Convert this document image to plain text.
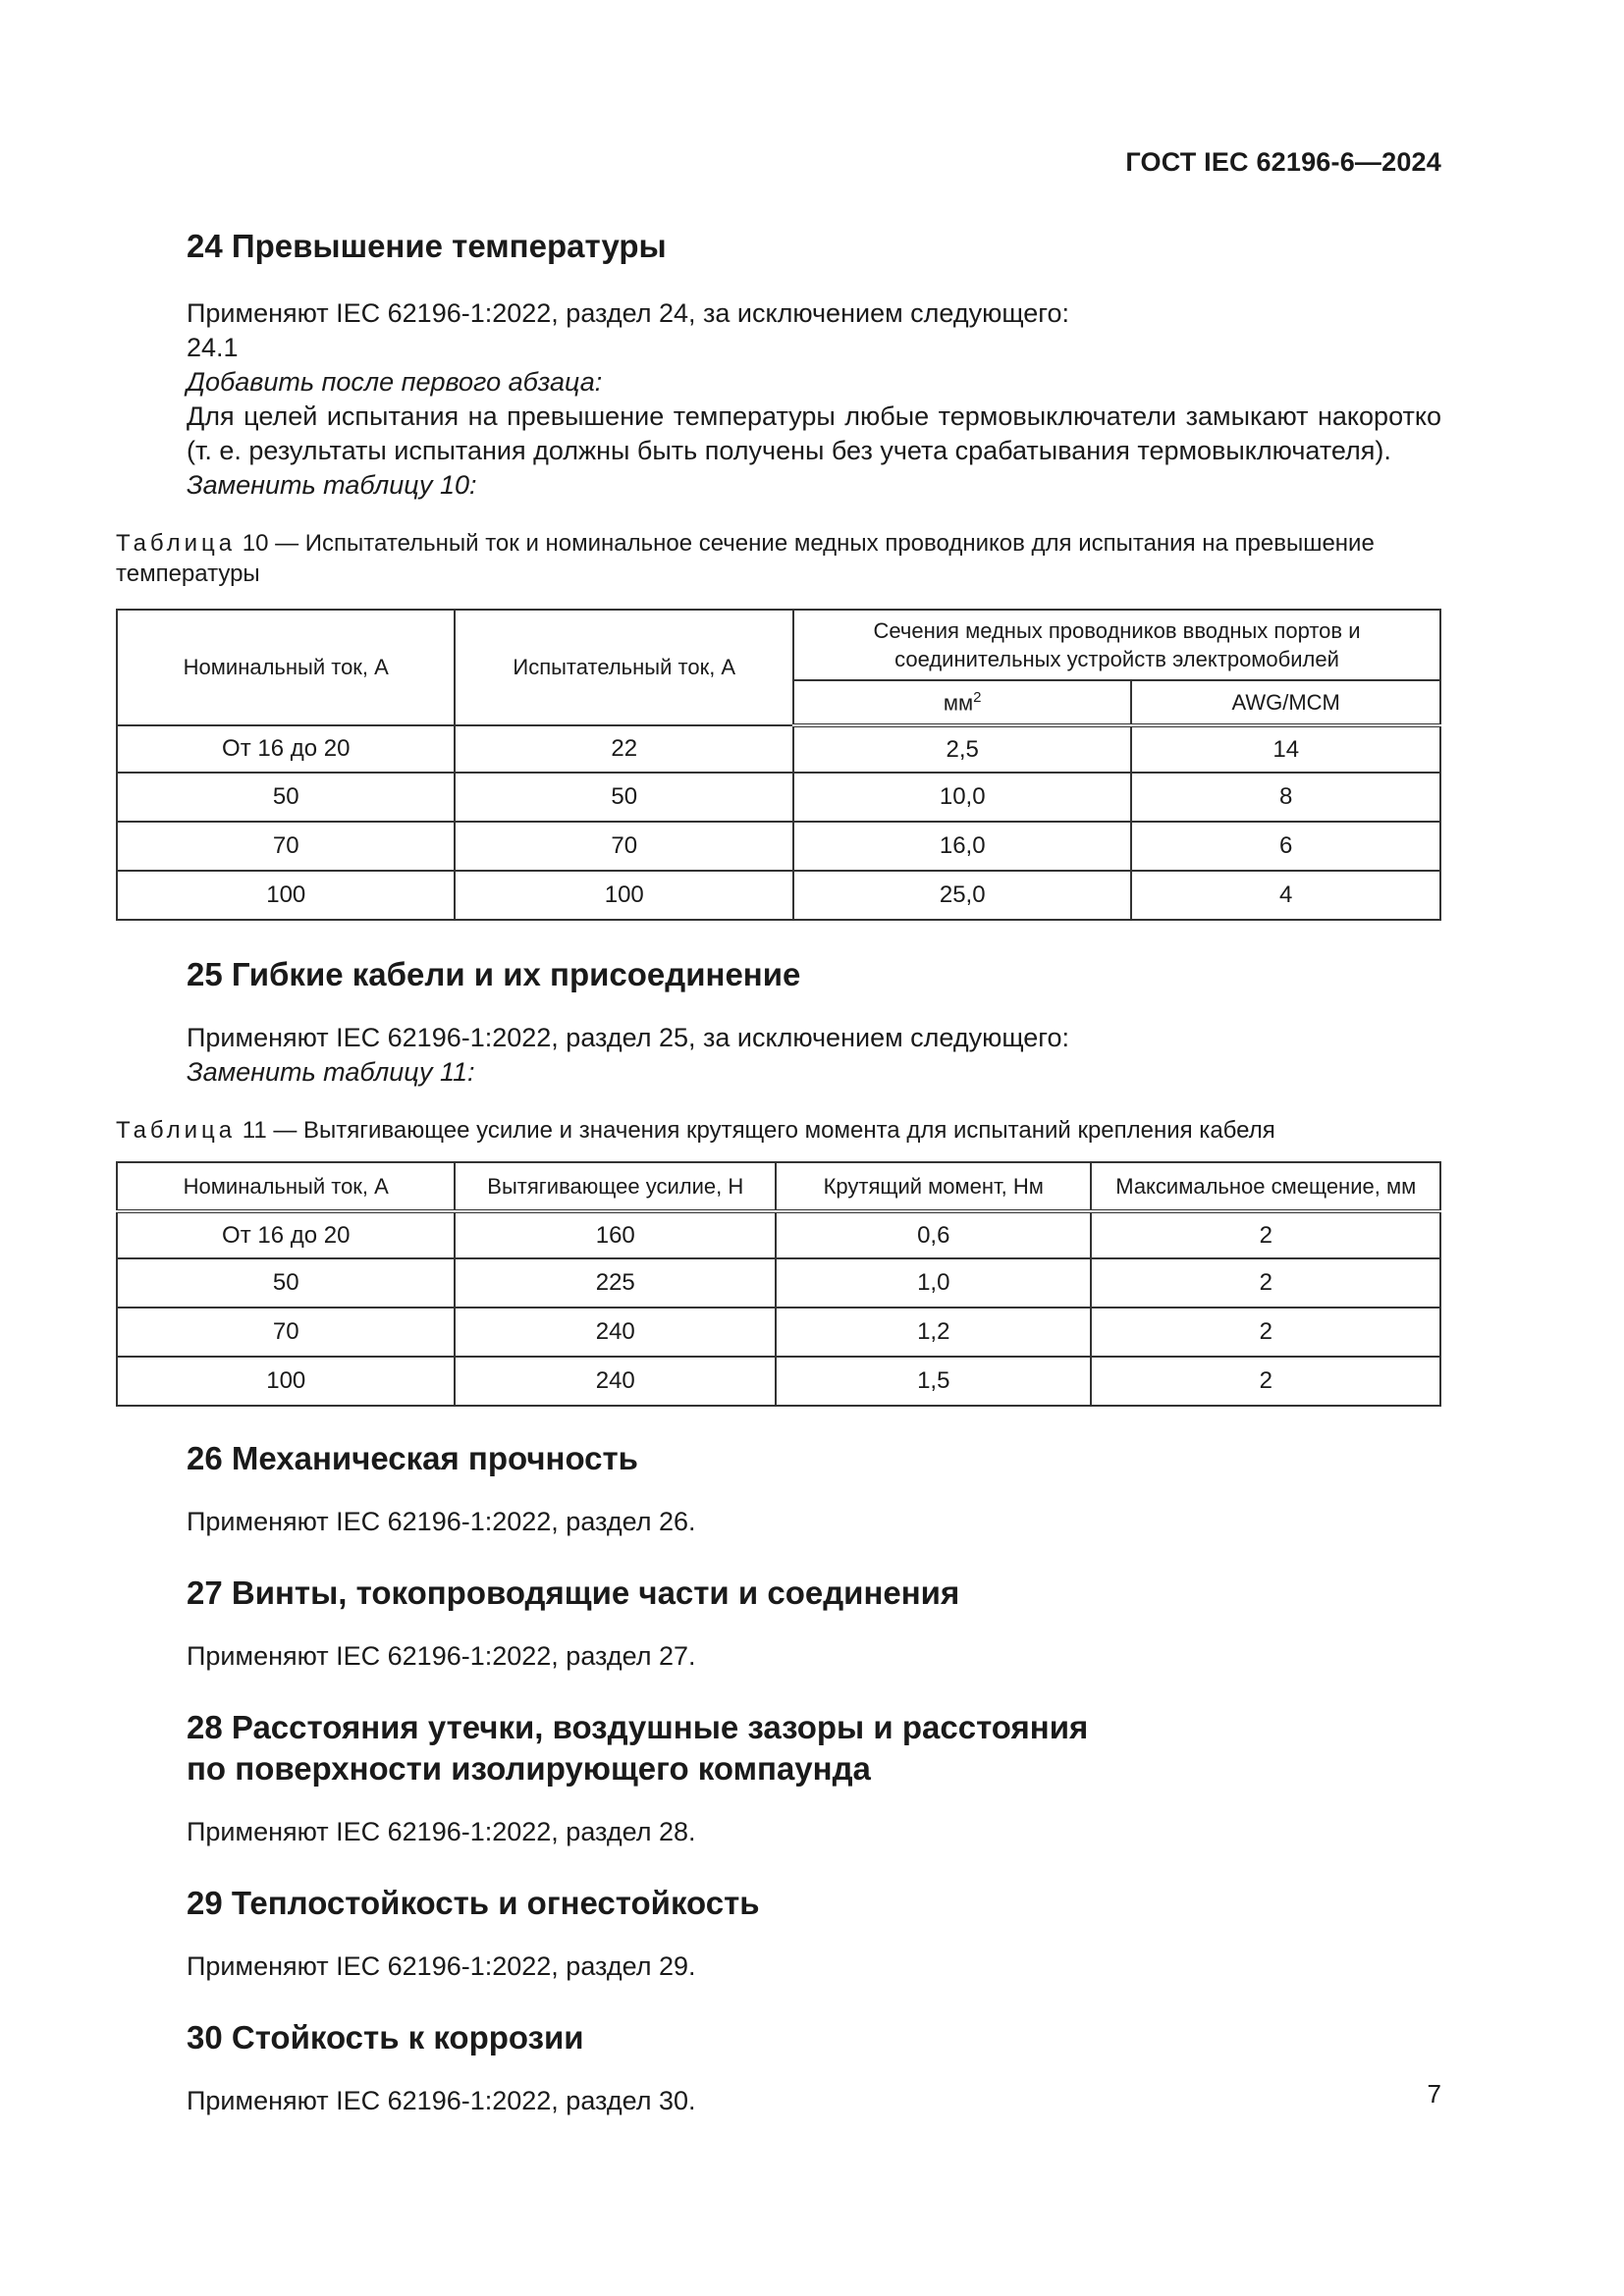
ГОСТ IEC 62196-6—2024
24 Превышение температуры

Применяют IEC 62196-1:2022, раздел 24, за исключением следующего:

24.1

Добавить после первого абзаца:

Для целей испытания на превышение температуры любые термовыключатели замыкают накоротко (т. е. результаты испытания должны быть получены без учета срабатывания термовыключателя).

Заменить таблицу 10:

Таблица 10 — Испытательный ток и номинальное сечение медных проводников для испытания на превышение температуры

Номинальный ток, А	Испытательный ток, А	Сечения медных проводников вводных портов и соединительных устройств электромобилей	
		$мм^2$	AWG/MCM
От 16 до 20	22	2,5	14
50	50	10,0	8
70	70	16,0	6
100	100	25,0	4
25 Гибкие кабели и их присоединение

Применяют IEC 62196-1:2022, раздел 25, за исключением следующего:

Заменить таблицу 11:

Таблица 11 — Вытягивающее усилие и значения крутящего момента для испытаний крепления кабеля

Номинальный ток, А	Вытягивающее усилие, Н	Крутящий момент, Нм	Максимальное смещение, мм
От 16 до 20	160	0,6	2
50	225	1,0	2
70	240	1,2	2
100	240	1,5	2
26 Механическая прочность

Применяют IEC 62196-1:2022, раздел 26.

27 Винты, токопроводящие части и соединения

Применяют IEC 62196-1:2022, раздел 27.

28 Расстояния утечки, воздушные зазоры и расстояния
по поверхности изолирующего компаунда

Применяют IEC 62196-1:2022, раздел 28.

29 Теплостойкость и огнестойкость

Применяют IEC 62196-1:2022, раздел 29.

30 Стойкость к коррозии

Применяют IEC 62196-1:2022, раздел 30.	7
